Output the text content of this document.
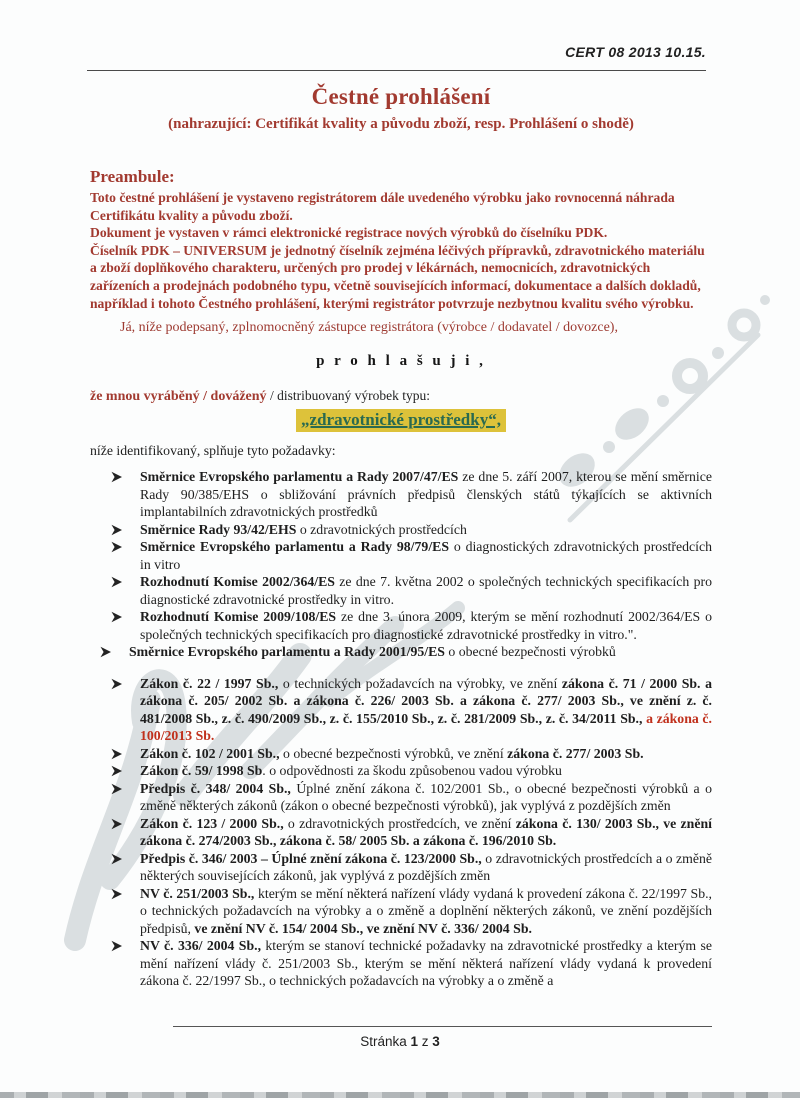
CERT 08 2013 10.15.
Čestné prohlášení
(nahrazující: Certifikát kvality a původu zboží, resp. Prohlášení o shodě)
Preambule:

Toto čestné prohlášení je vystaveno registrátorem dále uvedeného výrobku jako rovnocenná náhrada Certifikátu kvality a původu zboží.

Dokument je vystaven v rámci elektronické registrace nových výrobků do číselníku PDK.

Číselník PDK – UNIVERSUM je jednotný číselník zejména léčivých přípravků, zdravotnického materiálu a zboží doplňkového charakteru, určených pro prodej v lékárnách, nemocnicích, zdravotnických zařízeních a prodejnách podobného typu, včetně souvisejících informací, dokumentace a dalších dokladů, například i tohoto Čestného prohlášení, kterými registrátor potvrzuje nezbytnou kvalitu svého výrobku.

Já, níže podepsaný, zplnomocněný zástupce registrátora (výrobce / dodavatel / dovozce),

p r o h l a š u j i ,

že mnou vyráběný / dovážený / distribuovaný výrobek typu:

„zdravotnické prostředky“,

níže identifikovaný, splňuje tyto požadavky:

Směrnice Evropského parlamentu a Rady 2007/47/ES ze dne 5. září 2007, kterou se mění směrnice Rady 90/385/EHS o sbližování právních předpisů členských států týkajících se aktivních implantabilních zdravotnických prostředků
Směrnice Rady 93/42/EHS o zdravotnických prostředcích
Směrnice Evropského parlamentu a Rady 98/79/ES o diagnostických zdravotnických prostředcích in vitro
Rozhodnutí Komise 2002/364/ES ze dne 7. května 2002 o společných technických specifikacích pro diagnostické zdravotnické prostředky in vitro.
Rozhodnutí Komise 2009/108/ES ze dne 3. února 2009, kterým se mění rozhodnutí 2002/364/ES o společných technických specifikacích pro diagnostické zdravotnické prostředky in vitro.".
Směrnice Evropského parlamentu a Rady 2001/95/ES o obecné bezpečnosti výrobků
Zákon č. 22 / 1997 Sb., o technických požadavcích na výrobky, ve znění zákona č. 71 / 2000 Sb. a zákona č. 205/ 2002 Sb. a zákona č. 226/ 2003 Sb. a zákona č. 277/ 2003 Sb., ve znění z. č. 481/2008 Sb., z. č. 490/2009 Sb., z. č. 155/2010 Sb., z. č. 281/2009 Sb., z. č. 34/2011 Sb., a zákona č. 100/2013 Sb.
Zákon č. 102 / 2001 Sb., o obecné bezpečnosti výrobků, ve znění zákona č. 277/ 2003 Sb.
Zákon č. 59/ 1998 Sb. o odpovědnosti za škodu způsobenou vadou výrobku
Předpis č. 348/ 2004 Sb., Úplné znění zákona č. 102/2001 Sb., o obecné bezpečnosti výrobků a o změně některých zákonů (zákon o obecné bezpečnosti výrobků), jak vyplývá z pozdějších změn
Zákon č. 123 / 2000 Sb., o zdravotnických prostředcích, ve znění zákona č. 130/ 2003 Sb., ve znění zákona č. 274/2003 Sb., zákona č. 58/ 2005 Sb. a zákona č. 196/2010 Sb.
Předpis č. 346/ 2003 – Úplné znění zákona č. 123/2000 Sb., o zdravotnických prostředcích a o změně některých souvisejících zákonů, jak vyplývá z pozdějších změn
NV č. 251/2003 Sb., kterým se mění některá nařízení vlády vydaná k provedení zákona č. 22/1997 Sb., o technických požadavcích na výrobky a o změně a doplnění některých zákonů, ve znění pozdějších předpisů, ve znění NV č. 154/ 2004 Sb., ve znění NV č. 336/ 2004 Sb.
NV č. 336/ 2004 Sb., kterým se stanoví technické požadavky na zdravotnické prostředky a kterým se mění nařízení vlády č. 251/2003 Sb., kterým se mění některá nařízení vlády vydaná k provedení zákona č. 22/1997 Sb., o technických požadavcích na výrobky a o změně a
Stránka 1 z 3
